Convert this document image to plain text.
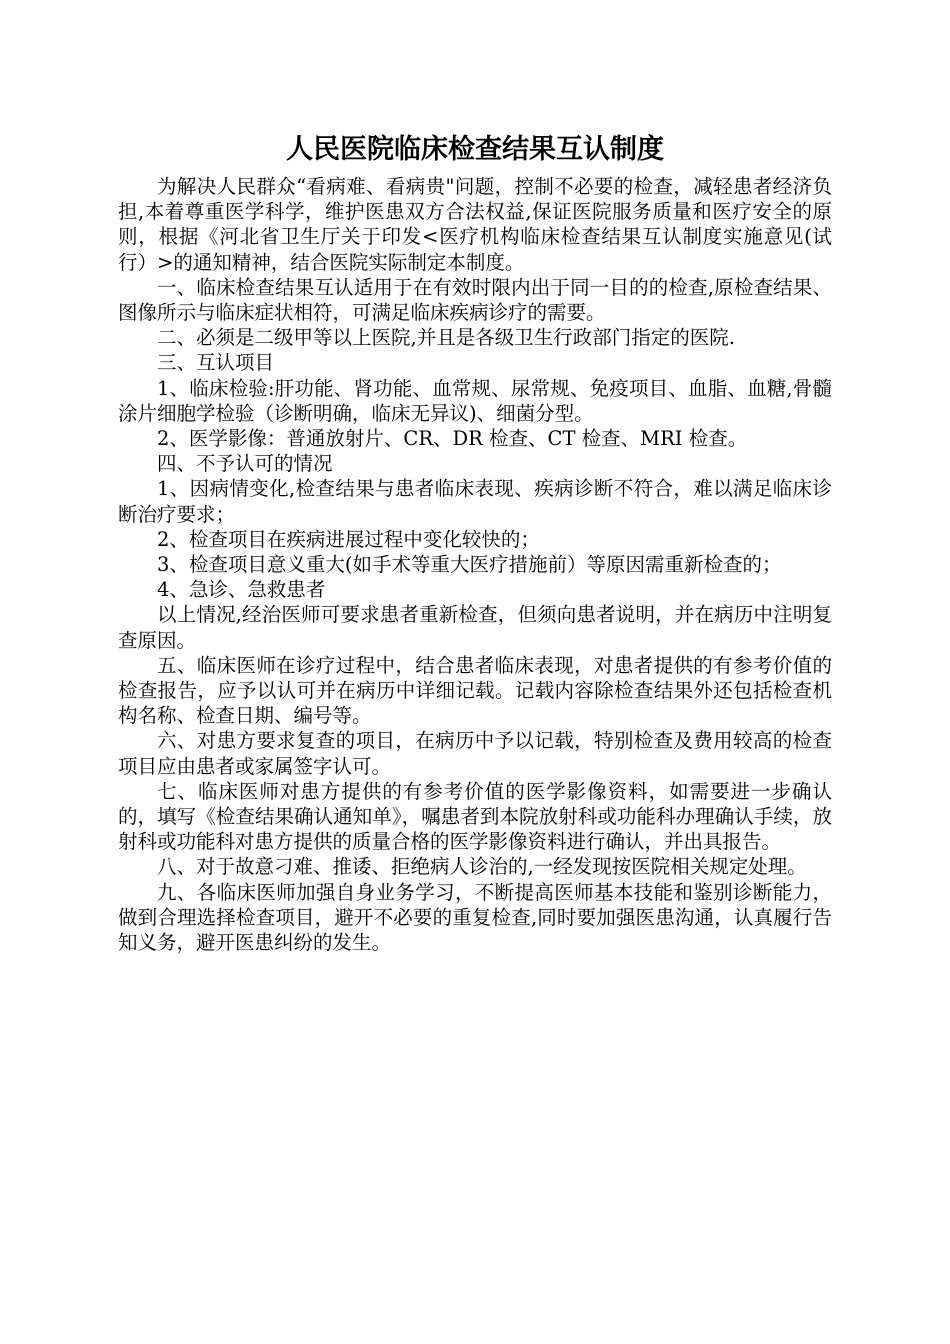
人民医院临床检查结果互认制度

为解决人民群众“看病难、看病贵"问题，控制不必要的检查，减轻患者经济负担,本着尊重医学科学，维护医患双方合法权益,保证医院服务质量和医疗安全的原则，根据《河北省卫生厅关于印发<医疗机构临床检查结果互认制度实施意见(试行）>的通知精神，结合医院实际制定本制度。

一、临床检查结果互认适用于在有效时限内出于同一目的的检查,原检查结果、图像所示与临床症状相符，可满足临床疾病诊疗的需要。

二、必须是二级甲等以上医院,并且是各级卫生行政部门指定的医院.

三、互认项目

1、临床检验:肝功能、肾功能、血常规、尿常规、免疫项目、血脂、血糖,骨髓涂片细胞学检验（诊断明确，临床无异议)、细菌分型。

2、医学影像：普通放射片、CR、DR 检查、CT 检查、MRI 检查。

四、不予认可的情况

1、因病情变化,检查结果与患者临床表现、疾病诊断不符合，难以满足临床诊断治疗要求；

2、检查项目在疾病进展过程中变化较快的；

3、检查项目意义重大(如手术等重大医疗措施前）等原因需重新检查的；

4、急诊、急救患者

以上情况,经治医师可要求患者重新检查，但须向患者说明，并在病历中注明复查原因。

五、临床医师在诊疗过程中，结合患者临床表现，对患者提供的有参考价值的检查报告，应予以认可并在病历中详细记载。记载内容除检查结果外还包括检查机构名称、检查日期、编号等。

六、对患方要求复查的项目，在病历中予以记载，特别检查及费用较高的检查项目应由患者或家属签字认可。

七、临床医师对患方提供的有参考价值的医学影像资料，如需要进一步确认的，填写《检查结果确认通知单》，嘱患者到本院放射科或功能科办理确认手续，放射科或功能科对患方提供的质量合格的医学影像资料进行确认，并出具报告。

八、对于故意刁难、推诿、拒绝病人诊治的,一经发现按医院相关规定处理。

九、各临床医师加强自身业务学习，不断提高医师基本技能和鉴别诊断能力，做到合理选择检查项目，避开不必要的重复检查,同时要加强医患沟通，认真履行告知义务，避开医患纠纷的发生。
